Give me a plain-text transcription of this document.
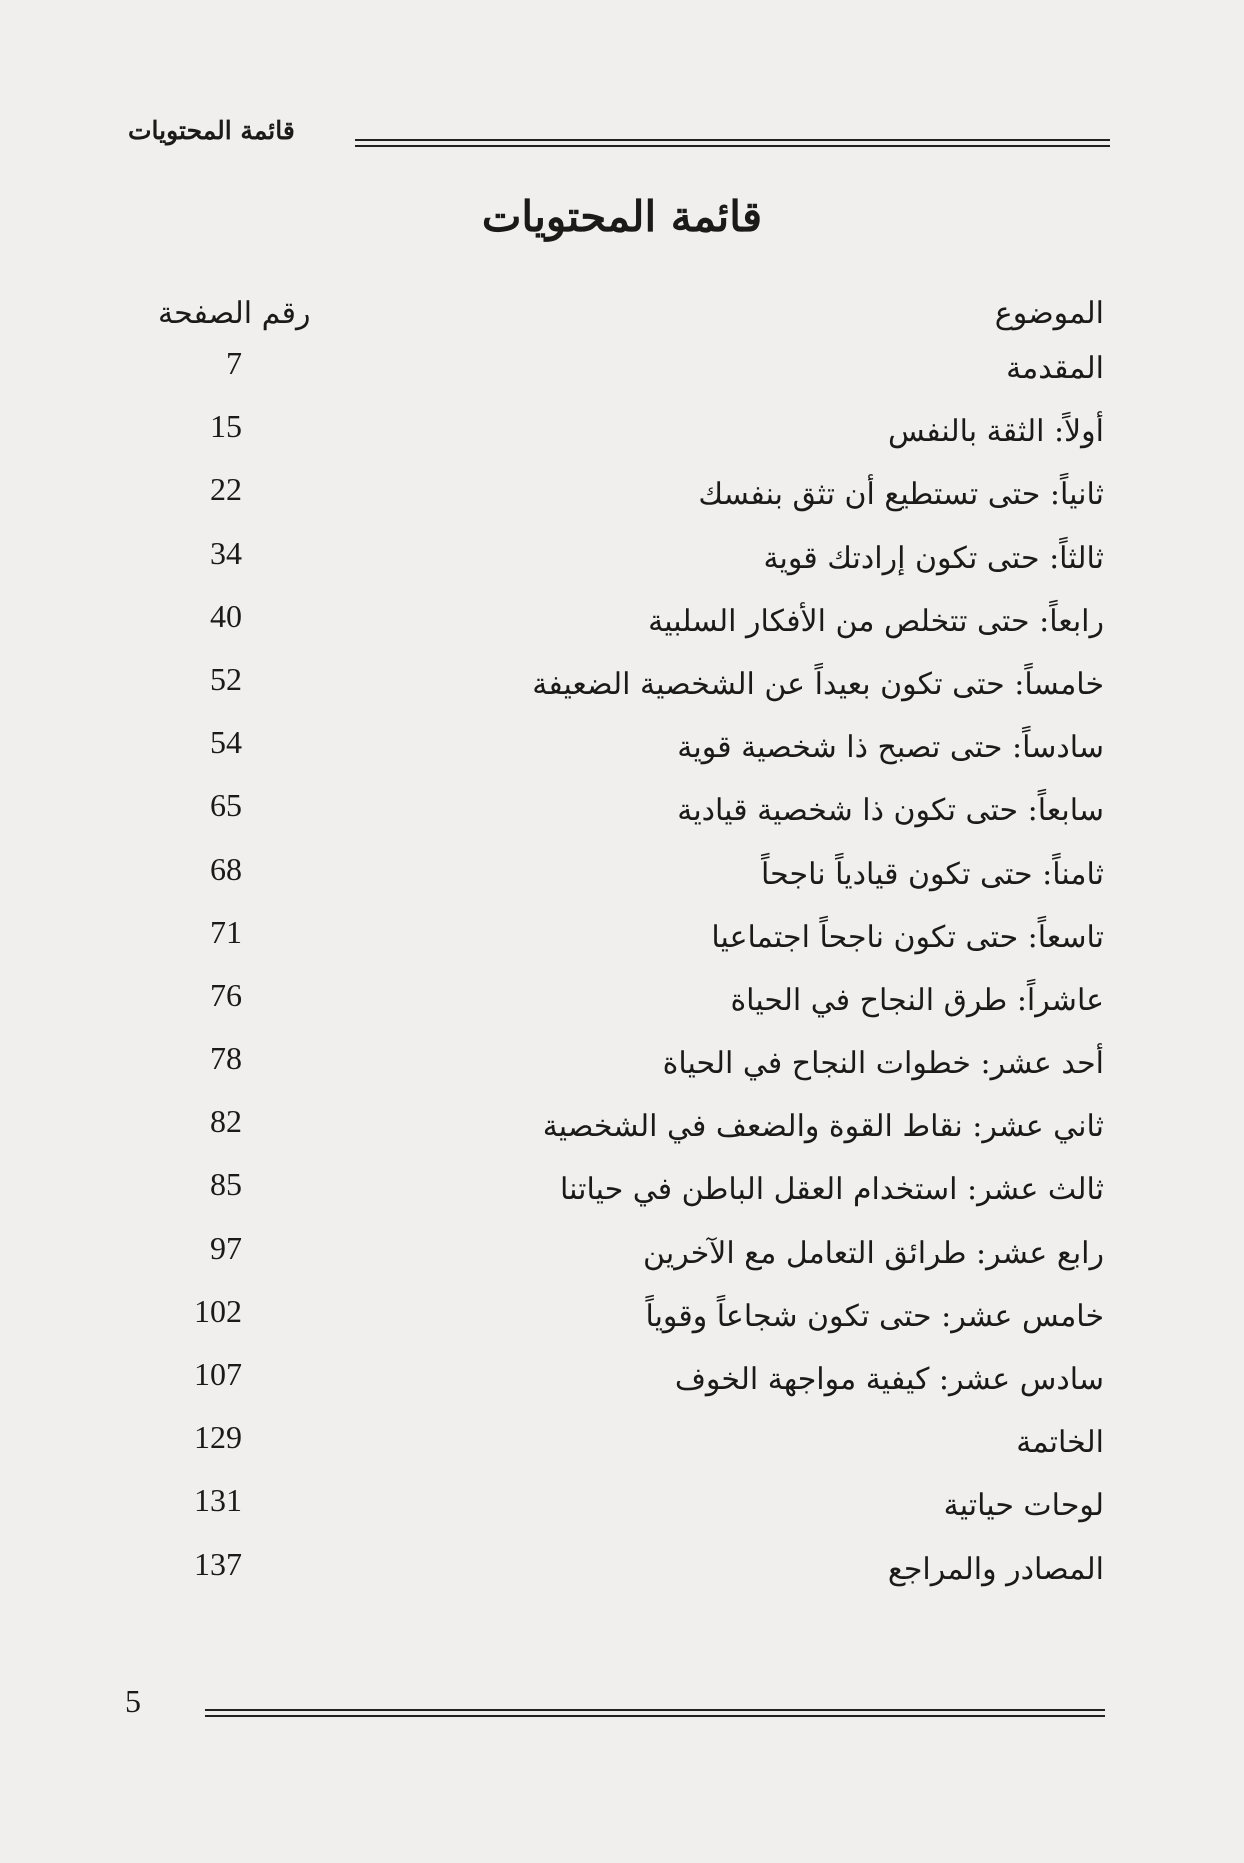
قائمة المحتويات
قائمة المحتويات
الموضوع
رقم الصفحة
المقدمة
7
أولاً: الثقة بالنفس
15
ثانياً: حتى تستطيع أن تثق بنفسك
22
ثالثاً: حتى تكون إرادتك قوية
34
رابعاً: حتى تتخلص من الأفكار السلبية
40
خامساً: حتى تكون بعيداً عن الشخصية الضعيفة
52
سادساً: حتى تصبح ذا شخصية قوية
54
سابعاً: حتى تكون ذا شخصية قيادية
65
ثامناً: حتى تكون قيادياً ناجحاً
68
تاسعاً: حتى تكون ناجحاً اجتماعيا
71
عاشراً: طرق النجاح في الحياة
76
أحد عشر: خطوات النجاح في الحياة
78
ثاني عشر: نقاط القوة والضعف في الشخصية
82
ثالث عشر: استخدام العقل الباطن في حياتنا
85
رابع عشر: طرائق التعامل مع الآخرين
97
خامس عشر: حتى تكون شجاعاً وقوياً
102
سادس عشر: كيفية مواجهة الخوف
107
الخاتمة
129
لوحات حياتية
131
المصادر والمراجع
137
5
